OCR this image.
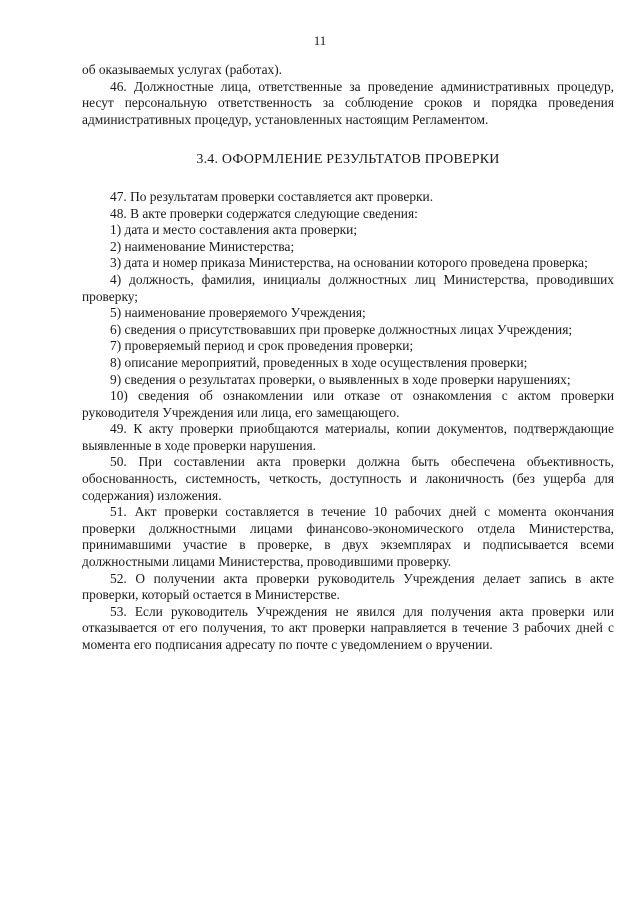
11

об оказываемых услугах (работах).

46. Должностные лица, ответственные за проведение административных процедур, несут персональную ответственность за соблюдение сроков и порядка проведения административных процедур, установленных настоящим Регламентом.

3.4. ОФОРМЛЕНИЕ РЕЗУЛЬТАТОВ ПРОВЕРКИ

47. По результатам проверки составляется акт проверки.

48. В акте проверки содержатся следующие сведения:

1) дата и место составления акта проверки;

2) наименование Министерства;

3) дата и номер приказа Министерства, на основании которого проведена проверка;

4) должность, фамилия, инициалы должностных лиц Министерства, проводивших проверку;

5) наименование проверяемого Учреждения;

6) сведения о присутствовавших при проверке должностных лицах Учреждения;

7) проверяемый период и срок проведения проверки;

8) описание мероприятий, проведенных в ходе осуществления проверки;

9) сведения о результатах проверки, о выявленных в ходе проверки нарушениях;

10) сведения об ознакомлении или отказе от ознакомления с актом проверки руководителя Учреждения или лица, его замещающего.

49. К акту проверки приобщаются материалы, копии документов, подтверждающие выявленные в ходе проверки нарушения.

50. При составлении акта проверки должна быть обеспечена объективность, обоснованность, системность, четкость, доступность и лаконичность (без ущерба для содержания) изложения.

51. Акт проверки составляется в течение 10 рабочих дней с момента окончания проверки должностными лицами финансово-экономического отдела Министерства, принимавшими участие в проверке, в двух экземплярах и подписывается всеми должностными лицами Министерства, проводившими проверку.

52. О получении акта проверки руководитель Учреждения делает запись в акте проверки, который остается в Министерстве.

53. Если руководитель Учреждения не явился для получения акта проверки или отказывается от его получения, то акт проверки направляется в течение 3 рабочих дней с момента его подписания адресату по почте с уведомлением о вручении.
